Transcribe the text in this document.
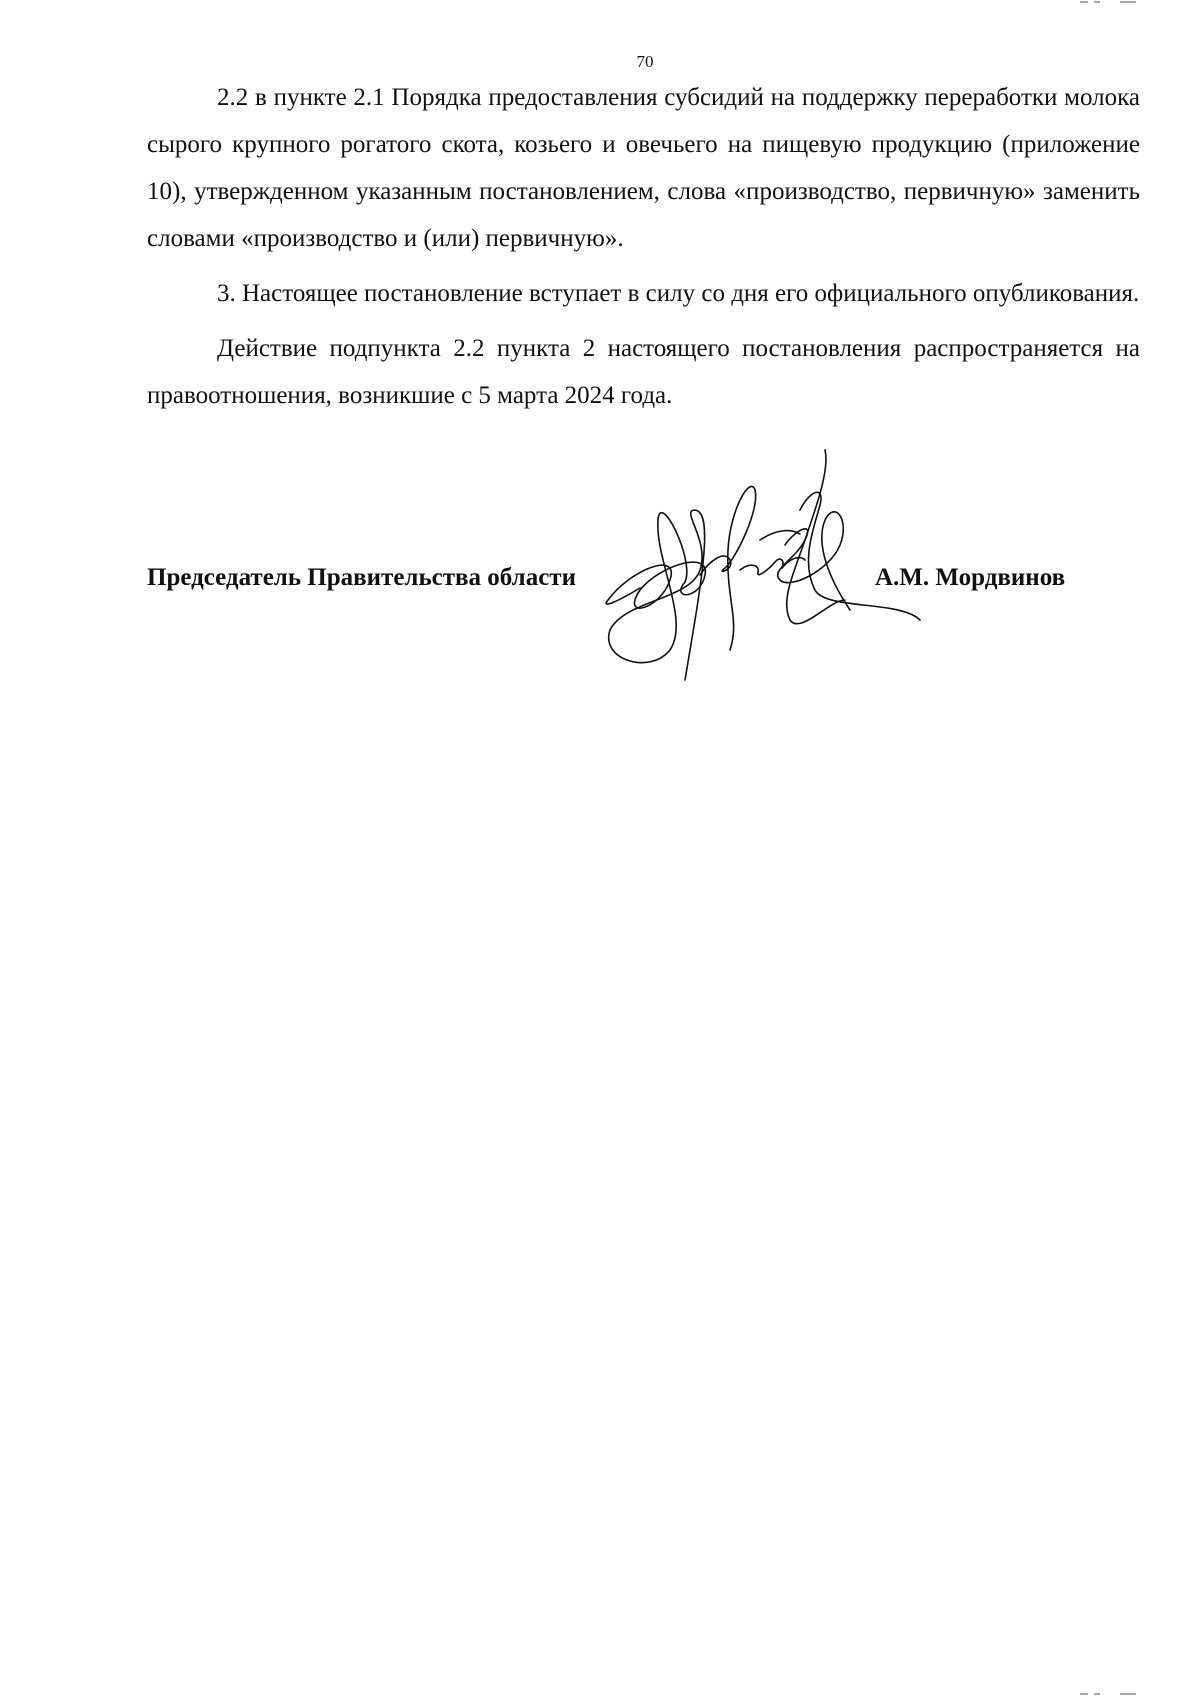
70

2.2 в пункте 2.1 Порядка предоставления субсидий на поддержку переработки молока сырого крупного рогатого скота, козьего и овечьего на пищевую продукцию (приложение 10), утвержденном указанным постановлением, слова «производство, первичную» заменить словами «производство и (или) первичную».

3. Настоящее постановление вступает в силу со дня его официального опубликования.

Действие подпункта 2.2 пункта 2 настоящего постановления распространяется на правоотношения, возникшие с 5 марта 2024 года.

Председатель Правительства области	А.М. Мордвинов
